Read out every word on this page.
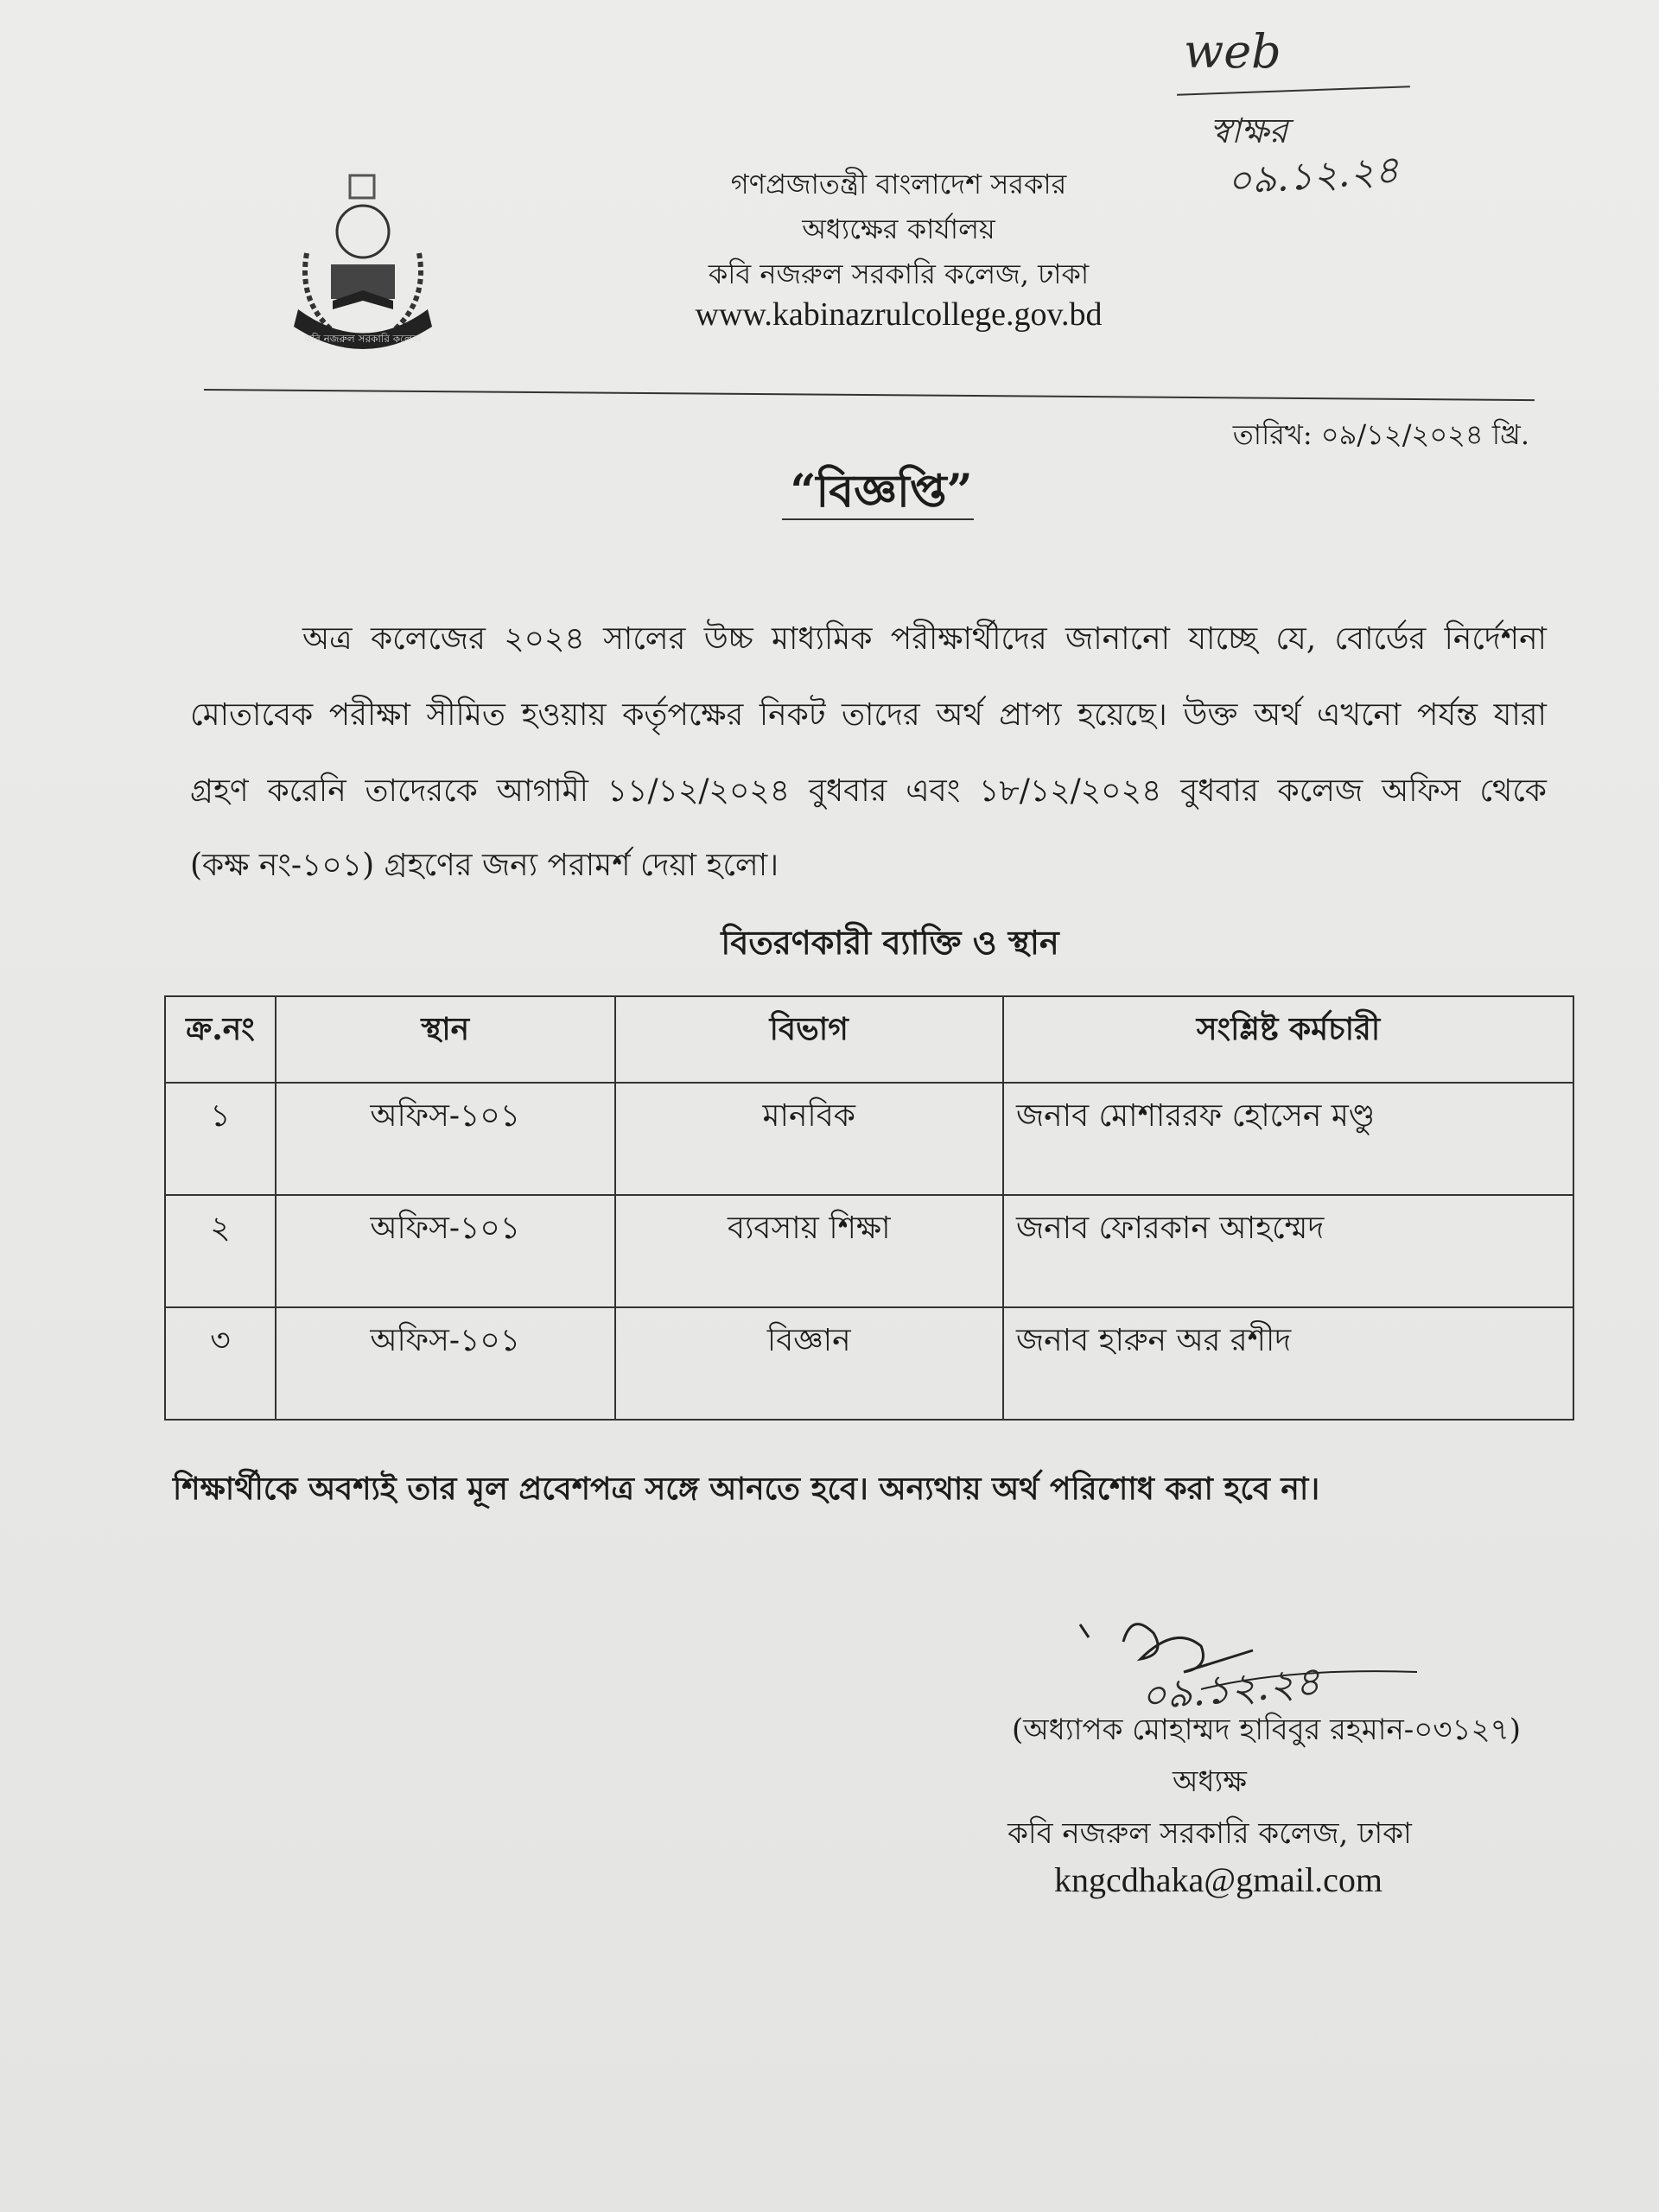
web
স্বাক্ষর
০৯.১২.২৪
কবি নজরুল সরকারি কলেজ
গণপ্রজাতন্ত্রী বাংলাদেশ সরকার
অধ্যক্ষের কার্যালয়
কবি নজরুল সরকারি কলেজ, ঢাকা
www.kabinazrulcollege.gov.bd
তারিখ: ০৯/১২/২০২৪ খ্রি.
“বিজ্ঞপ্তি”
অত্র কলেজের ২০২৪ সালের উচ্চ মাধ্যমিক পরীক্ষার্থীদের জানানো যাচ্ছে যে, বোর্ডের নির্দেশনা
মোতাবেক পরীক্ষা সীমিত হওয়ায় কর্তৃপক্ষের নিকট তাদের অর্থ প্রাপ্য হয়েছে। উক্ত অর্থ এখনো পর্যন্ত যারা
গ্রহণ করেনি তাদেরকে আগামী ১১/১২/২০২৪ বুধবার এবং ১৮/১২/২০২৪ বুধবার কলেজ অফিস থেকে
(কক্ষ নং-১০১) গ্রহণের জন্য পরামর্শ দেয়া হলো।
বিতরণকারী ব্যাক্তি ও স্থান
ক্র.নং	স্থান	বিভাগ	সংশ্লিষ্ট কর্মচারী
১	অফিস-১০১	মানবিক	জনাব মোশাররফ হোসেন মণ্ডু
২	অফিস-১০১	ব্যবসায় শিক্ষা	জনাব ফোরকান আহম্মেদ
৩	অফিস-১০১	বিজ্ঞান	জনাব হারুন অর রশীদ
শিক্ষার্থীকে অবশ্যই তার মূল প্রবেশপত্র সঙ্গে আনতে হবে। অন্যথায় অর্থ পরিশোধ করা হবে না।
০৯.১২.২৪
(অধ্যাপক মোহাম্মদ হাবিবুর রহমান-০৩১২৭)
অধ্যক্ষ
কবি নজরুল সরকারি কলেজ, ঢাকা
kngcdhaka@gmail.com
